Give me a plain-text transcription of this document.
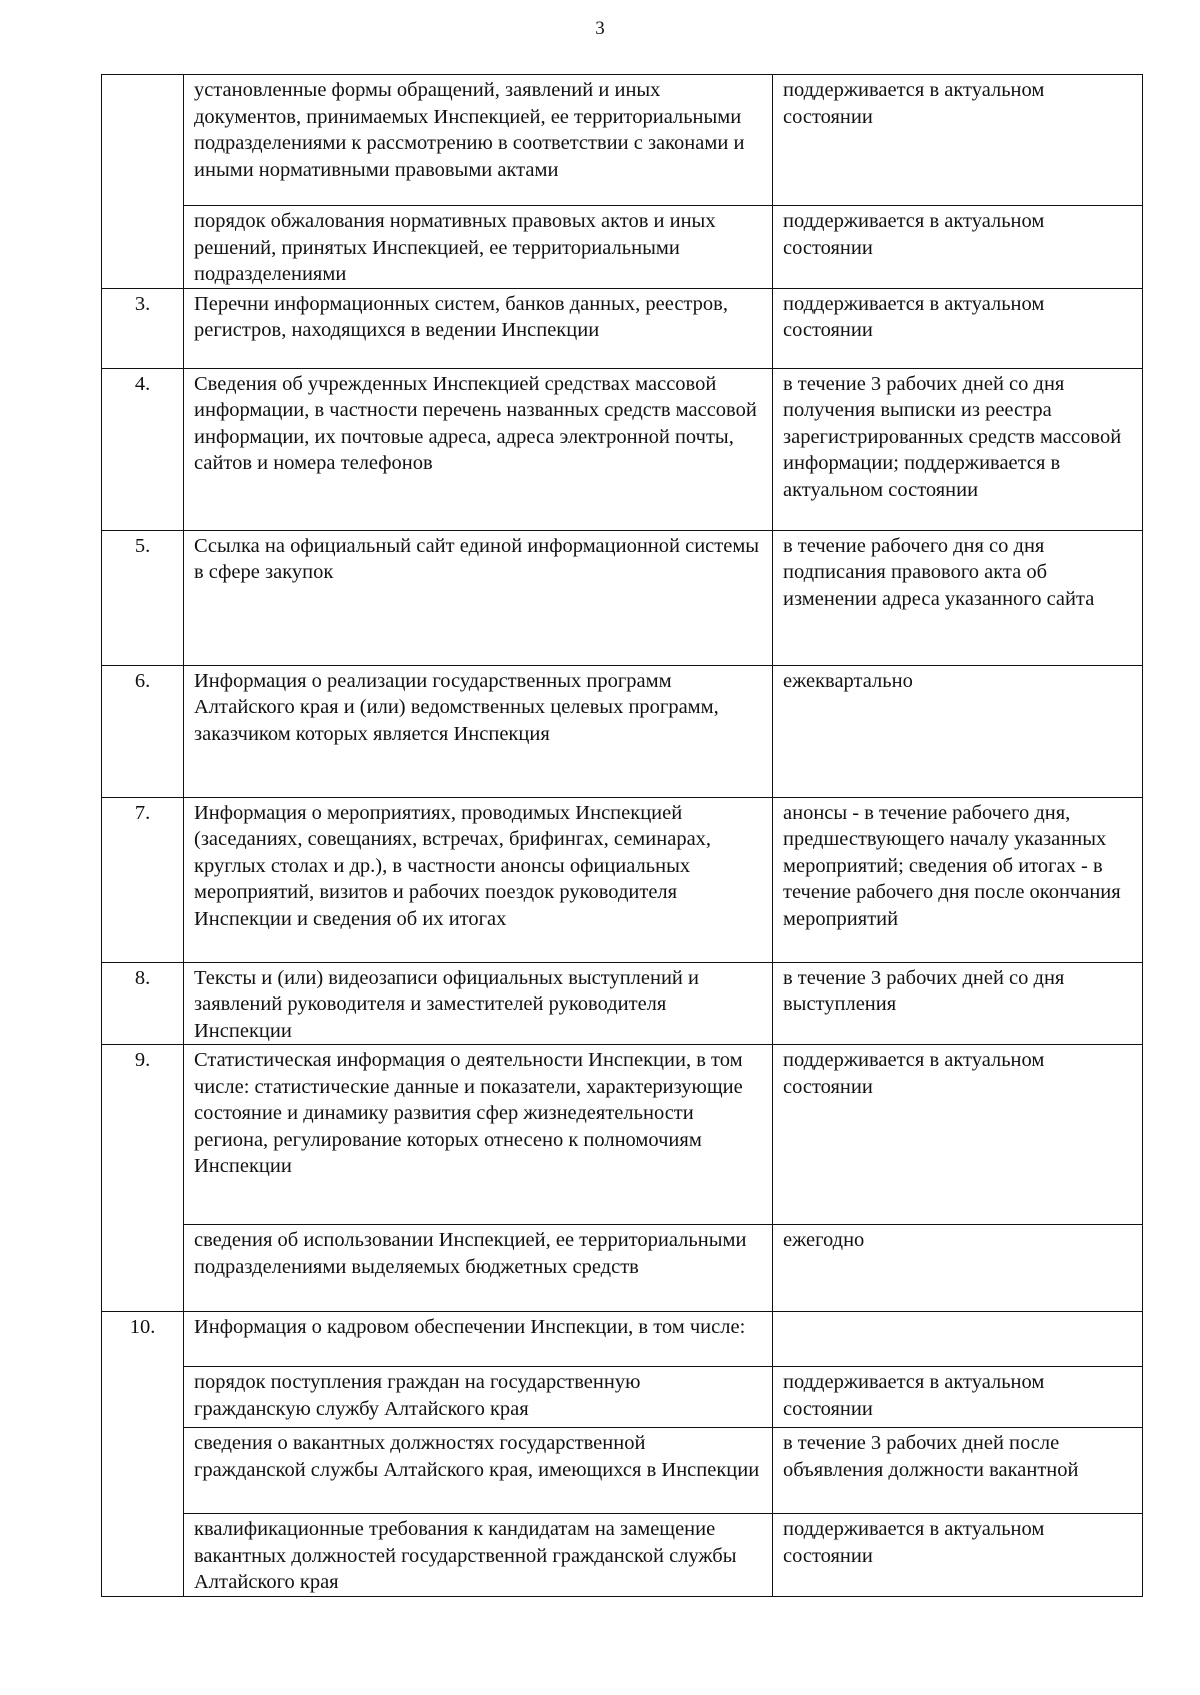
3
	установленные формы обращений, заявлений и иных документов, принимаемых Инспекцией, ее территориальными подразделениями к рассмотрению в соответствии с законами и иными нормативными правовыми актами	поддерживается в актуальном состоянии
	порядок обжалования нормативных правовых актов и иных решений, принятых Инспекцией, ее территориальными подразделениями	поддерживается в актуальном состоянии
3.	Перечни информационных систем, банков данных, реестров, регистров, находящихся в ведении Инспекции	поддерживается в актуальном состоянии
4.	Сведения об учрежденных Инспекцией средствах массовой информации, в частности перечень названных средств массовой информации, их почтовые адреса, адреса электронной почты, сайтов и номера телефонов	в течение 3 рабочих дней со дня получения выписки из реестра зарегистрированных средств массовой информации; поддерживается в актуальном состоянии
5.	Ссылка на официальный сайт единой информационной системы в сфере закупок	в течение рабочего дня со дня подписания правового акта об изменении адреса указанного сайта
6.	Информация о реализации государственных программ Алтайского края и (или) ведомственных целевых программ, заказчиком которых является Инспекция	ежеквартально
7.	Информация о мероприятиях, проводимых Инспекцией (заседаниях, совещаниях, встречах, брифингах, семинарах, круглых столах и др.), в частности анонсы официальных мероприятий, визитов и рабочих поездок руководителя Инспекции и сведения об их итогах	анонсы - в течение рабочего дня, предшествующего началу указанных мероприятий; сведения об итогах - в течение рабочего дня после окончания мероприятий
8.	Тексты и (или) видеозаписи официальных выступлений и заявлений руководителя и заместителей руководителя Инспекции	в течение 3 рабочих дней со дня выступления
9.	Статистическая информация о деятельности Инспекции, в том числе: статистические данные и показатели, характеризующие состояние и динамику развития сфер жизнедеятельности региона, регулирование которых отнесено к полномочиям Инспекции	поддерживается в актуальном состоянии
	сведения об использовании Инспекцией, ее территориальными подразделениями выделяемых бюджетных средств	ежегодно
10.	Информация о кадровом обеспечении Инспекции, в том числе:	
	порядок поступления граждан на государственную гражданскую службу Алтайского края	поддерживается в актуальном состоянии
	сведения о вакантных должностях государственной гражданской службы Алтайского края, имеющихся в Инспекции	в течение 3 рабочих дней после объявления должности вакантной
	квалификационные требования к кандидатам на замещение вакантных должностей государственной гражданской службы Алтайского края	поддерживается в актуальном состоянии
